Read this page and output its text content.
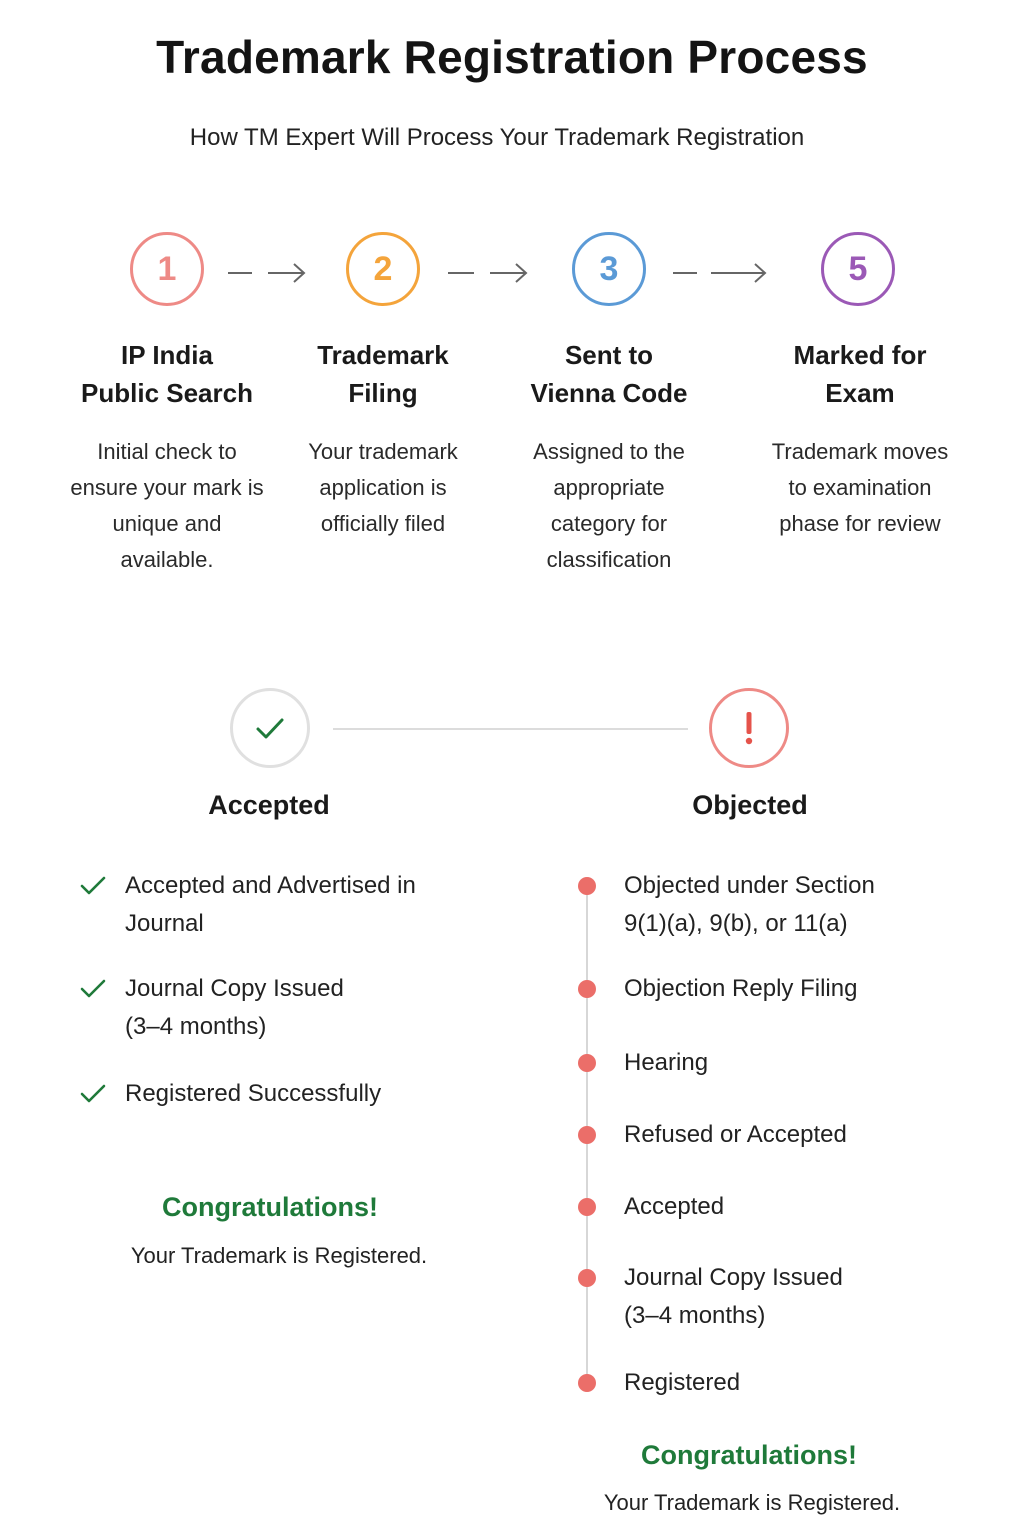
Trademark Registration Process
How TM Expert Will Process Your Trademark Registration
1
IP India
Public Search
Initial check to ensure your mark is unique and available.
2
Trademark
Filing
Your trademark application is officially filed
3
Sent to
Vienna Code
Assigned to the appropriate category for classification
5
Marked for
Exam
Trademark moves to examination phase for review
Accepted	Objected
Accepted and Advertised in Journal
Journal Copy Issued (3–4 months)
Registered Successfully
Congratulations!
Your Trademark is Registered.
Objected under Section 9(1)(a), 9(b), or 11(a)
Objection Reply Filing
Hearing
Refused or Accepted
Accepted
Journal Copy Issued (3–4 months)
Registered
Congratulations!
Your Trademark is Registered.
